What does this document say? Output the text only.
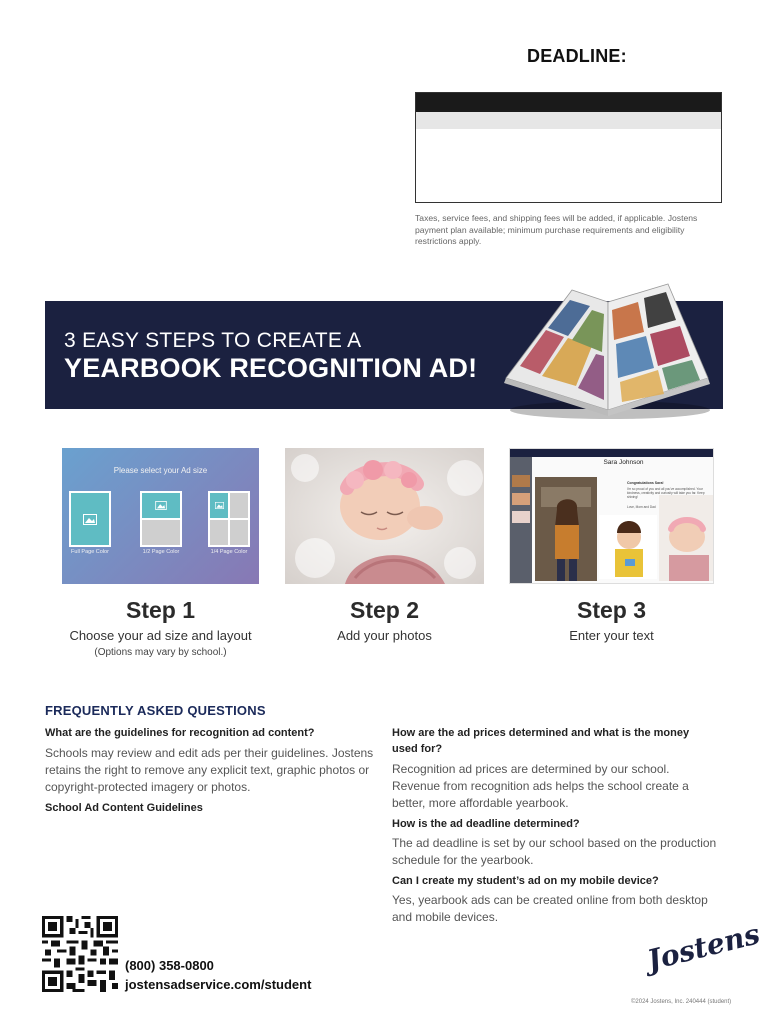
DEADLINE:
Taxes, service fees, and shipping fees will be added, if applicable. Jostens payment plan available; minimum purchase requirements and eligibility restrictions apply.
3 EASY STEPS TO CREATE A
YEARBOOK RECOGNITION AD!
Please select your Ad size
Full Page Color	1/2 Page Color	1/4 Page Color
Sara Johnson
Congratulations Sara!
I'm so proud of you and all you've accomplished. Your kindness, creativity and curiosity will take you far. Keep shining!
Love, Mom and Dad
Step 1
Choose your ad size and layout
(Options may vary by school.)
Step 2
Add your photos
Step 3
Enter your text
FREQUENTLY ASKED QUESTIONS
What are the guidelines for recognition ad content?
Schools may review and edit ads per their guidelines. Jostens retains the right to remove any explicit text, graphic photos or copyright-protected imagery or photos.
School Ad Content Guidelines
How are the ad prices determined and what is the money used for?
Recognition ad prices are determined by our school. Revenue from recognition ads helps the school create a better, more affordable yearbook.
How is the ad deadline determined?
The ad deadline is set by our school based on the production schedule for the yearbook.
Can I create my student’s ad on my mobile device?
Yes, yearbook ads can be created online from both desktop and mobile devices.
(800) 358-0800
jostensadservice.com/student
Jostens
©2024 Jostens, Inc. 240444 (student)
